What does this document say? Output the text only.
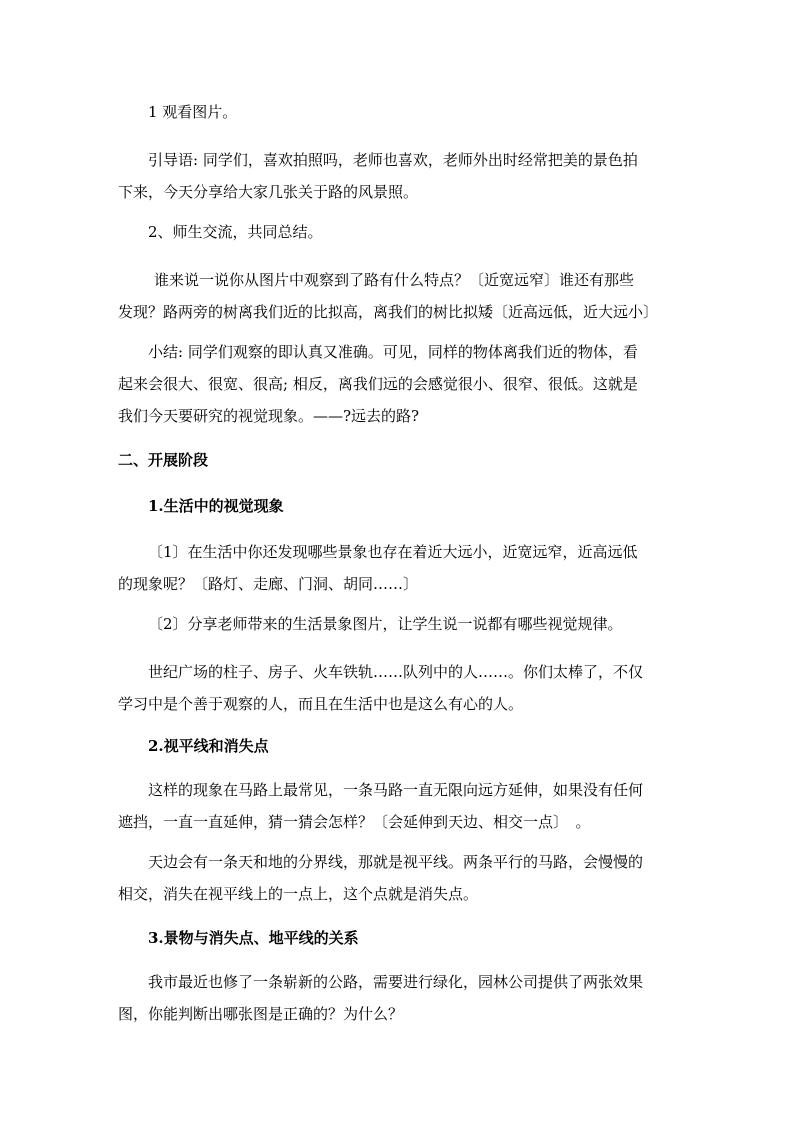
1 观看图片。
引导语: 同学们，喜欢拍照吗，老师也喜欢，老师外出时经常把美的景色拍
下来，今天分享给大家几张关于路的风景照。
2、师生交流，共同总结。
谁来说一说你从图片中观察到了路有什么特点？〔近宽远窄〕谁还有那些
发现？路两旁的树离我们近的比拟高，离我们的树比拟矮〔近高远低，近大远小〕
小结: 同学们观察的即认真又准确。可见，同样的物体离我们近的物体，看
起来会很大、很宽、很高; 相反，离我们远的会感觉很小、很窄、很低。这就是
我们今天要研究的视觉现象。——?远去的路?
二、开展阶段
1.生活中的视觉现象
〔1〕在生活中你还发现哪些景象也存在着近大远小，近宽远窄，近高远低
的现象呢？〔路灯、走廊、门洞、胡同……〕
〔2〕分享老师带来的生活景象图片，让学生说一说都有哪些视觉规律。
世纪广场的柱子、房子、火车铁轨……队列中的人……。你们太棒了，不仅
学习中是个善于观察的人，而且在生活中也是这么有心的人。
2.视平线和消失点
这样的现象在马路上最常见，一条马路一直无限向远方延伸，如果没有任何
遮挡，一直一直延伸，猜一猜会怎样？〔会延伸到天边、相交一点〕　。
天边会有一条天和地的分界线，那就是视平线。两条平行的马路，会慢慢的
相交，消失在视平线上的一点上，这个点就是消失点。
3.景物与消失点、地平线的关系
我市最近也修了一条崭新的公路，需要进行绿化，园林公司提供了两张效果
图，你能判断出哪张图是正确的？为什么？
